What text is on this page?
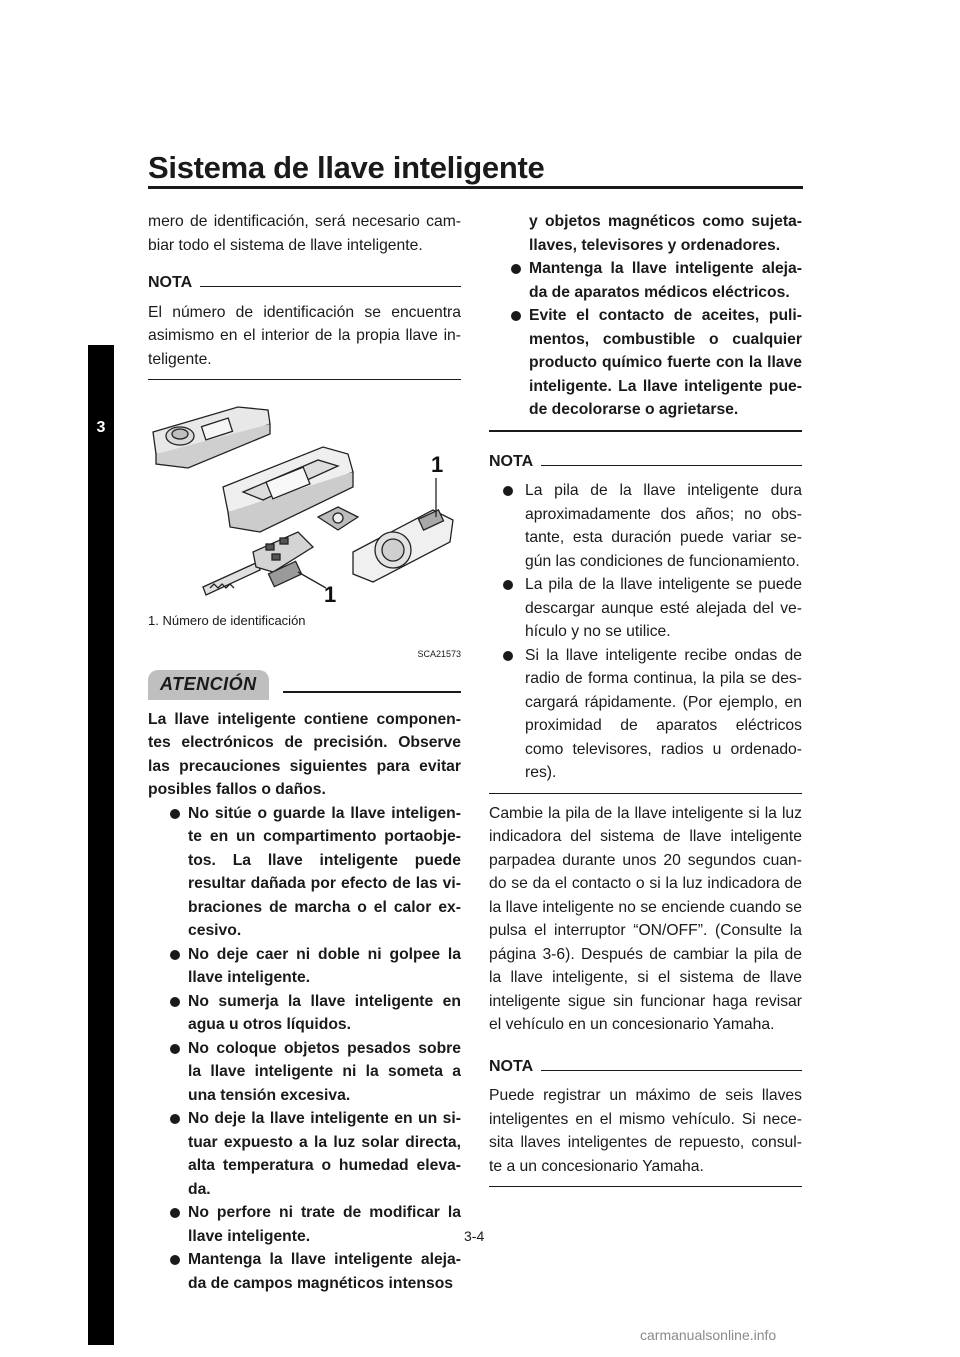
Sistema de llave inteligente
3

mero de identificación, será necesario cam- biar todo el sistema de llave inteligente.

NOTA

El número de identificación se encuentra asimismo en el interior de la propia llave in- teligente.

1
1
1. Número de identificación
SCA21573
ATENCIÓN

La llave inteligente contiene componen- tes electrónicos de precisión. Observe las precauciones siguientes para evitar posibles fallos o daños.

No sitúe o guarde la llave inteligen- te en un compartimento portaobje- tos. La llave inteligente puede resultar dañada por efecto de las vi- braciones de marcha o el calor ex- cesivo.
No deje caer ni doble ni golpee la llave inteligente.
No sumerja la llave inteligente en agua u otros líquidos.
No coloque objetos pesados sobre la llave inteligente ni la someta a una tensión excesiva.
No deje la llave inteligente en un si- tuar expuesto a la luz solar directa, alta temperatura o humedad eleva- da.
No perfore ni trate de modificar la llave inteligente.
Mantenga la llave inteligente aleja- da de campos magnéticos intensos

y objetos magnéticos como sujeta- llaves, televisores y ordenadores.

Mantenga la llave inteligente aleja- da de aparatos médicos eléctricos.
Evite el contacto de aceites, puli- mentos, combustible o cualquier producto químico fuerte con la llave inteligente. La llave inteligente pue- de decolorarse o agrietarse.
NOTA
La pila de la llave inteligente dura aproximadamente dos años; no obs- tante, esta duración puede variar se- gún las condiciones de funcionamiento.
La pila de la llave inteligente se puede descargar aunque esté alejada del ve- hículo y no se utilice.
Si la llave inteligente recibe ondas de radio de forma continua, la pila se des- cargará rápidamente. (Por ejemplo, en proximidad de aparatos eléctricos como televisores, radios u ordenado- res).

Cambie la pila de la llave inteligente si la luz indicadora del sistema de llave inteligente parpadea durante unos 20 segundos cuan- do se da el contacto o si la luz indicadora de la llave inteligente no se enciende cuando se pulsa el interruptor “ON/OFF”. (Consulte la página 3-6). Después de cambiar la pila de la llave inteligente, si el sistema de llave inteligente sigue sin funcionar haga revisar el vehículo en un concesionario Yamaha.

NOTA

Puede registrar un máximo de seis llaves inteligentes en el mismo vehículo. Si nece- sita llaves inteligentes de repuesto, consul- te a un concesionario Yamaha.

3-4
carmanualsonline.info
